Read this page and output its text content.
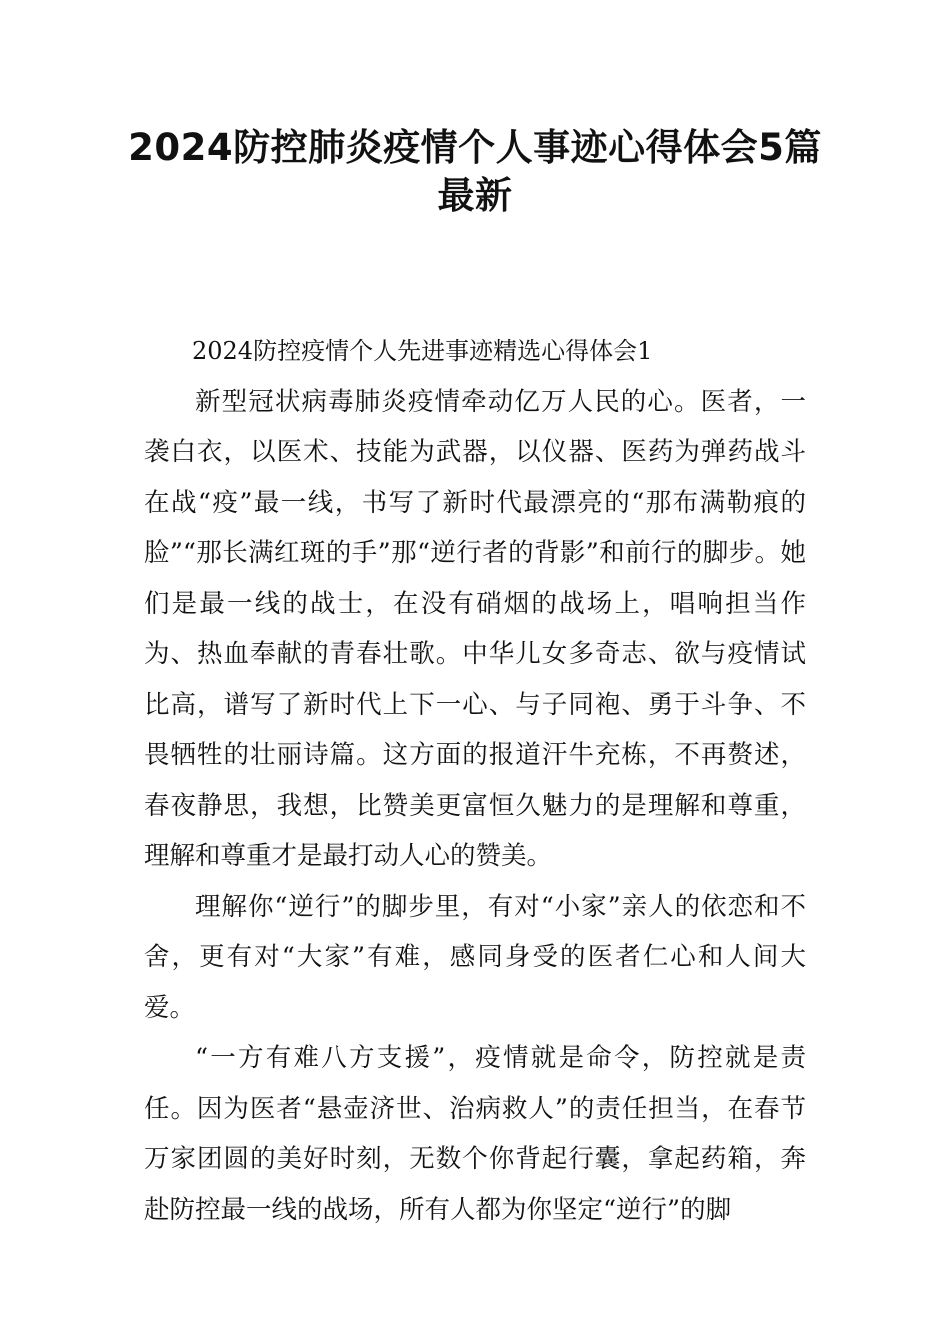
2024防控肺炎疫情个人事迹心得体会5篇最新

2024防控疫情个人先进事迹精选心得体会1

新型冠状病毒肺炎疫情牵动亿万人民的心。医者，一袭白衣，以医术、技能为武器，以仪器、医药为弹药战斗在战“疫”最一线，书写了新时代最漂亮的“那布满勒痕的脸”“那长满红斑的手”那“逆行者的背影”和前行的脚步。她们是最一线的战士，在没有硝烟的战场上，唱响担当作为、热血奉献的青春壮歌。中华儿女多奇志、欲与疫情试比高，谱写了新时代上下一心、与子同袍、勇于斗争、不畏牺牲的壮丽诗篇。这方面的报道汗牛充栋，不再赘述，春夜静思，我想，比赞美更富恒久魅力的是理解和尊重，理解和尊重才是最打动人心的赞美。

理解你“逆行”的脚步里，有对“小家”亲人的依恋和不舍，更有对“大家”有难，感同身受的医者仁心和人间大爱。

“一方有难八方支援”，疫情就是命令，防控就是责任。因为医者“悬壶济世、治病救人”的责任担当，在春节万家团圆的美好时刻，无数个你背起行囊，拿起药箱，奔赴防控最一线的战场，所有人都为你坚定“逆行”的脚
